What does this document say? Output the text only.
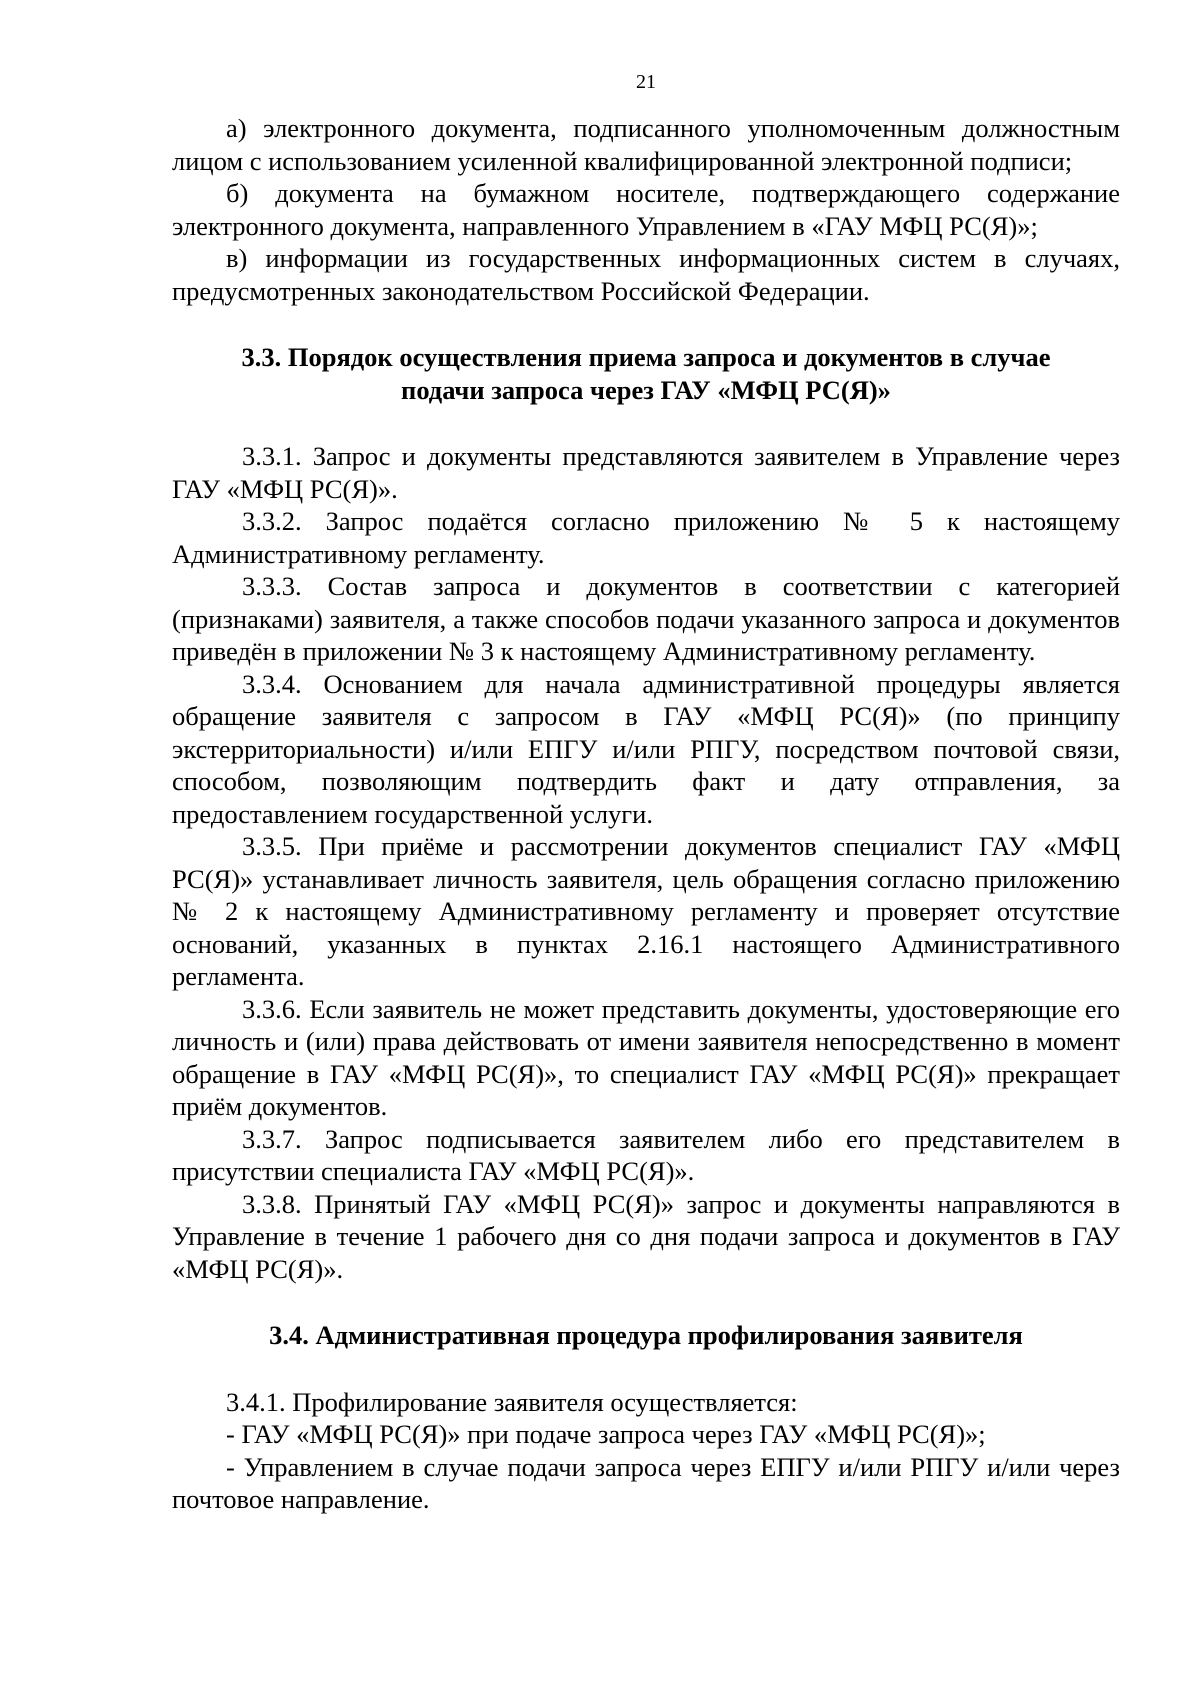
21

а) электронного документа, подписанного уполномоченным должностным лицом с использованием усиленной квалифицированной электронной подписи;

б) документа на бумажном носителе, подтверждающего содержание электронного документа, направленного Управлением в «ГАУ МФЦ РС(Я)»;

в) информации из государственных информационных систем в случаях, предусмотренных законодательством Российской Федерации.

3.3. Порядок осуществления приема запроса и документов в случае

подачи запроса через ГАУ «МФЦ РС(Я)»

3.3.1. Запрос и документы представляются заявителем в Управление через ГАУ «МФЦ РС(Я)».

3.3.2. Запрос подаётся согласно приложению № 5 к настоящему Административному регламенту.

3.3.3. Состав запроса и документов в соответствии с категорией (признаками) заявителя, а также способов подачи указанного запроса и документов приведён в приложении № 3 к настоящему Административному регламенту.

3.3.4. Основанием для начала административной процедуры является обращение заявителя с запросом в ГАУ «МФЦ РС(Я)» (по принципу экстерриториальности) и/или ЕПГУ и/или РПГУ, посредством почтовой связи, способом, позволяющим подтвердить факт и дату отправления, за предоставлением государственной услуги.

3.3.5. При приёме и рассмотрении документов специалист ГАУ «МФЦ РС(Я)» устанавливает личность заявителя, цель обращения согласно приложению № 2 к настоящему Административному регламенту и проверяет отсутствие оснований, указанных в пунктах 2.16.1 настоящего Административного регламента.

3.3.6. Если заявитель не может представить документы, удостоверяющие его личность и (или) права действовать от имени заявителя непосредственно в момент обращение в ГАУ «МФЦ РС(Я)», то специалист ГАУ «МФЦ РС(Я)» прекращает приём документов.

3.3.7. Запрос подписывается заявителем либо его представителем в присутствии специалиста ГАУ «МФЦ РС(Я)».

3.3.8. Принятый ГАУ «МФЦ РС(Я)» запрос и документы направляются в Управление в течение 1 рабочего дня со дня подачи запроса и документов в ГАУ «МФЦ РС(Я)».

3.4. Административная процедура профилирования заявителя

3.4.1. Профилирование заявителя осуществляется:

- ГАУ «МФЦ РС(Я)» при подаче запроса через ГАУ «МФЦ РС(Я)»;

- Управлением в случае подачи запроса через ЕПГУ и/или РПГУ и/или через почтовое направление.
